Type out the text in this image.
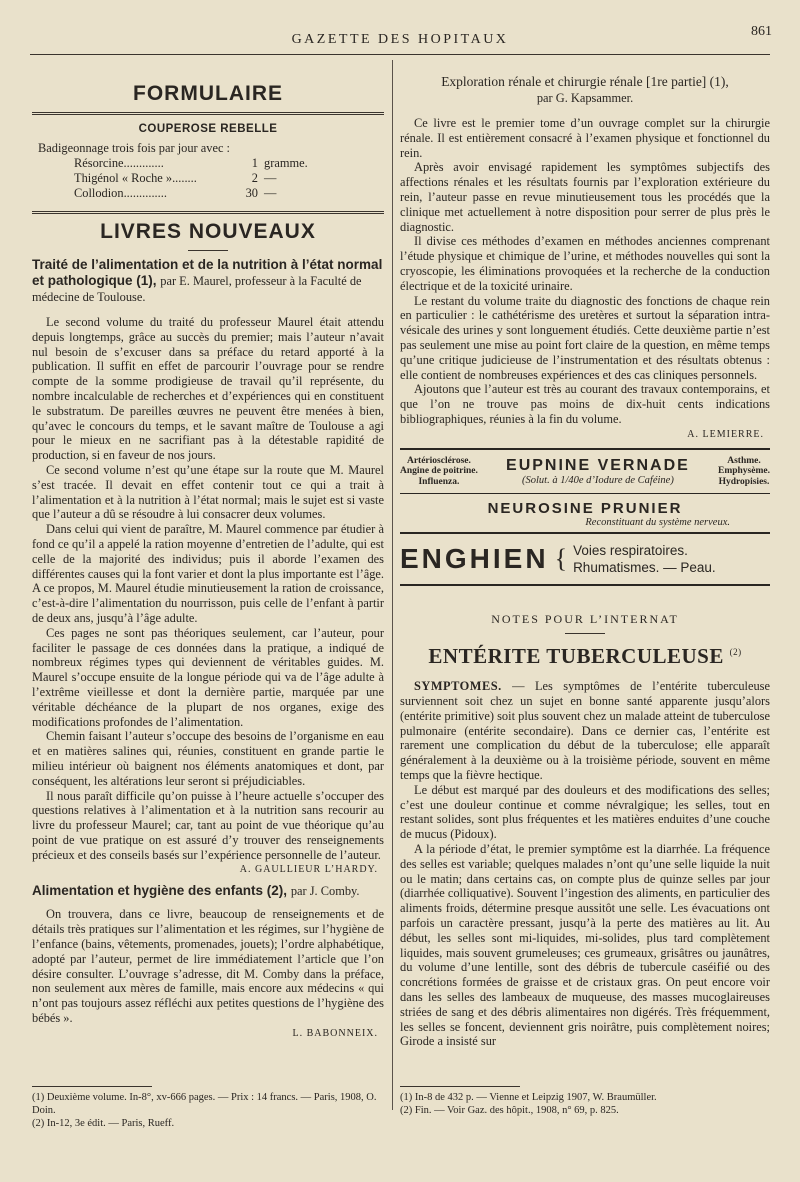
GAZETTE DES HOPITAUX
861
FORMULAIRE
COUPEROSE REBELLE
Badigeonnage trois fois par jour avec :
Résorcine.............	1 gramme.
Thigénol « Roche »........	2 —
Collodion..............	30 —
LIVRES NOUVEAUX
Traité de l’alimentation et de la nutrition à l’état normal et pathologique (1), par E. Maurel, professeur à la Faculté de médecine de Toulouse.

Le second volume du traité du professeur Maurel était attendu depuis longtemps, grâce au succès du premier; mais l’auteur n’avait nul besoin de s’excuser dans sa préface du retard apporté à la publication. Il suffit en effet de parcourir l’ouvrage pour se rendre compte de la somme prodigieuse de travail qu’il représente, du nombre incalculable de recherches et d’expériences qui en constituent le substratum. De pareilles œuvres ne peuvent être menées à bien, qu’avec le concours du temps, et le savant maître de Toulouse a agi pour le mieux en ne sacrifiant pas à la détestable rapidité de production, si en faveur de nos jours.

Ce second volume n’est qu’une étape sur la route que M. Maurel s’est tracée. Il devait en effet contenir tout ce qui a trait à l’alimentation et à la nutrition à l’état normal; mais le sujet est si vaste que l’auteur a dû se résoudre à lui consacrer deux volumes.

Dans celui qui vient de paraître, M. Maurel commence par étudier à fond ce qu’il a appelé la ration moyenne d’entretien de l’adulte, qui est celle de la majorité des individus; puis il aborde l’examen des différentes causes qui la font varier et dont la plus importante est l’âge. A ce propos, M. Maurel étudie minutieusement la ration de croissance, c’est-à-dire l’alimentation du nourrisson, puis celle de l’enfant à partir de deux ans, jusqu’à l’âge adulte.

Ces pages ne sont pas théoriques seulement, car l’auteur, pour faciliter le passage de ces données dans la pratique, a indiqué de nombreux régimes types qui deviennent de véritables guides. M. Maurel s’occupe ensuite de la longue période qui va de l’âge adulte à l’extrême vieillesse et dont la dernière partie, marquée par une véritable déchéance de la plupart de nos organes, exige des modifications profondes de l’alimentation.

Chemin faisant l’auteur s’occupe des besoins de l’organisme en eau et en matières salines qui, réunies, constituent en grande partie le milieu intérieur où baignent nos éléments anatomiques et dont, par conséquent, les altérations leur seront si préjudiciables.

Il nous paraît difficile qu’on puisse à l’heure actuelle s’occuper des questions relatives à l’alimentation et à la nutrition sans recourir au livre du professeur Maurel; car, tant au point de vue théorique qu’au point de vue pratique on est assuré d’y trouver des renseignements précieux et des conseils basés sur l’expérience personnelle de l’auteur.

A. GAULLIEUR L’HARDY.
Alimentation et hygiène des enfants (2), par J. Comby.

On trouvera, dans ce livre, beaucoup de renseignements et de détails très pratiques sur l’alimentation et les régimes, sur l’hygiène de l’enfance (bains, vêtements, promenades, jouets); l’ordre alphabétique, adopté par l’auteur, permet de lire immédiatement l’article que l’on désire consulter. L’ouvrage s’adresse, dit M. Comby dans la préface, non seulement aux mères de famille, mais encore aux médecins « qui n’ont pas toujours assez réfléchi aux petites questions de l’hygiène des bébés ».

L. BABONNEIX.
(1) Deuxième volume. In-8°, xv-666 pages. — Prix : 14 francs. — Paris, 1908, O. Doin.
(2) In-12, 3e édit. — Paris, Rueff.
Exploration rénale et chirurgie rénale [1re partie] (1),
par G. Kapsammer.

Ce livre est le premier tome d’un ouvrage complet sur la chirurgie rénale. Il est entièrement consacré à l’examen physique et fonctionnel du rein.

Après avoir envisagé rapidement les symptômes subjectifs des affections rénales et les résultats fournis par l’exploration extérieure du rein, l’auteur passe en revue minutieusement tous les procédés que la clinique met actuellement à notre disposition pour serrer de plus près le diagnostic.

Il divise ces méthodes d’examen en méthodes anciennes comprenant l’étude physique et chimique de l’urine, et méthodes nouvelles qui sont la cryoscopie, les éliminations provoquées et la recherche de la conduction électrique et de la toxicité urinaire.

Le restant du volume traite du diagnostic des fonctions de chaque rein en particulier : le cathétérisme des uretères et surtout la séparation intra-vésicale des urines y sont longuement étudiés. Cette deuxième partie n’est pas seulement une mise au point fort claire de la question, en même temps qu’une critique judicieuse de l’instrumentation et des résultats obtenus : elle contient de nombreuses expériences et des cas cliniques personnels.

Ajoutons que l’auteur est très au courant des travaux contemporains, et que l’on ne trouve pas moins de dix-huit cents indications bibliographiques, réunies à la fin du volume.

A. LEMIERRE.
Artériosclérose.
Angine de poitrine.
Influenza.
EUPNINE VERNADE
(Solut. à 1/40e d’Iodure de Caféine)
Asthme.
Emphysème.
Hydropisies.
NEUROSINE PRUNIER
Reconstituant du système nerveux.
ENGHIEN { Voies respiratoires.
Rhumatismes. — Peau.
NOTES POUR L’INTERNAT
ENTÉRITE TUBERCULEUSE $^{(2)}$

SYMPTOMES. — Les symptômes de l’entérite tuberculeuse surviennent soit chez un sujet en bonne santé apparente jusqu’alors (entérite primitive) soit plus souvent chez un malade atteint de tuberculose pulmonaire (entérite secondaire). Dans ce dernier cas, l’entérite est rarement une complication du début de la tuberculose; elle apparaît généralement à la deuxième ou à la troisième période, souvent en même temps que la fièvre hectique.

Le début est marqué par des douleurs et des modifications des selles; c’est une douleur continue et comme névralgique; les selles, tout en restant solides, sont plus fréquentes et les matières enduites d’une couche de mucus (Pidoux).

A la période d’état, le premier symptôme est la diarrhée. La fréquence des selles est variable; quelques malades n’ont qu’une selle liquide la nuit ou le matin; dans certains cas, on compte plus de quinze selles par jour (diarrhée colliquative). Souvent l’ingestion des aliments, en particulier des aliments froids, détermine presque aussitôt une selle. Les évacuations ont parfois un caractère pressant, jusqu’à la perte des matières au lit. Au début, les selles sont mi-liquides, mi-solides, plus tard complètement liquides, mais souvent grumeleuses; ces grumeaux, grisâtres ou jaunâtres, du volume d’une lentille, sont des débris de tubercule caséifié ou des concrétions formées de graisse et de cristaux gras. On peut encore voir dans les selles des lambeaux de muqueuse, des masses mucoglaireuses striées de sang et des débris alimentaires non digérés. Très fréquemment, les selles se foncent, deviennent gris noirâtre, puis complètement noires; Girode a insisté sur

(1) In-8 de 432 p. — Vienne et Leipzig 1907, W. Braumüller.
(2) Fin. — Voir Gaz. des hôpit., 1908, n° 69, p. 825.
